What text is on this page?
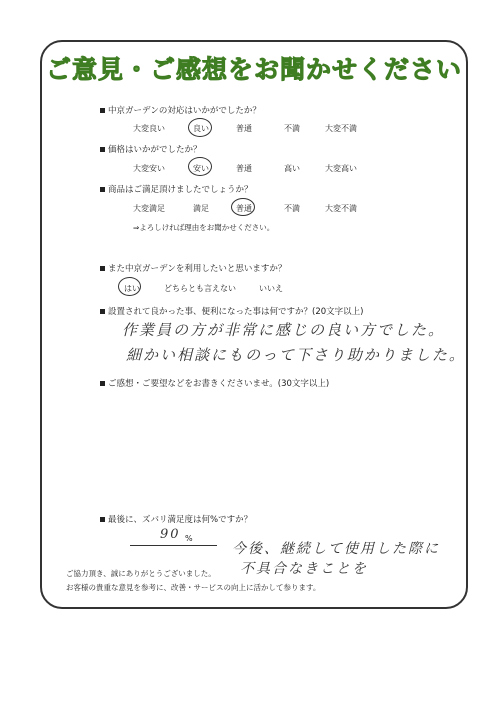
ご意見・ご感想をお聞かせください
中京ガーデンの対応はいかがでしたか？
大変良い	良い	普通	不満	大変不満
価格はいかがでしたか？
大変安い	安い	普通	高い	大変高い
商品はご満足頂けましたでしょうか？
大変満足	満足	普通	不満	大変不満
⇒よろしければ理由をお聞かせください。
また中京ガーデンを利用したいと思いますか？
はい	どちらとも言えない	いいえ
設置されて良かった事、便利になった事は何ですか？(20文字以上)
作業員の方が非常に感じの良い方でした。
細かい相談にものって下さり助かりました。
ご感想・ご要望などをお書きくださいませ。(30文字以上)
最後に、ズバリ満足度は何%ですか？
90 %
今後、継続して使用した際に
不具合なきことを
ご協力頂き、誠にありがとうございました。
お客様の貴重な意見を参考に、改善・サービスの向上に活かして参ります。
